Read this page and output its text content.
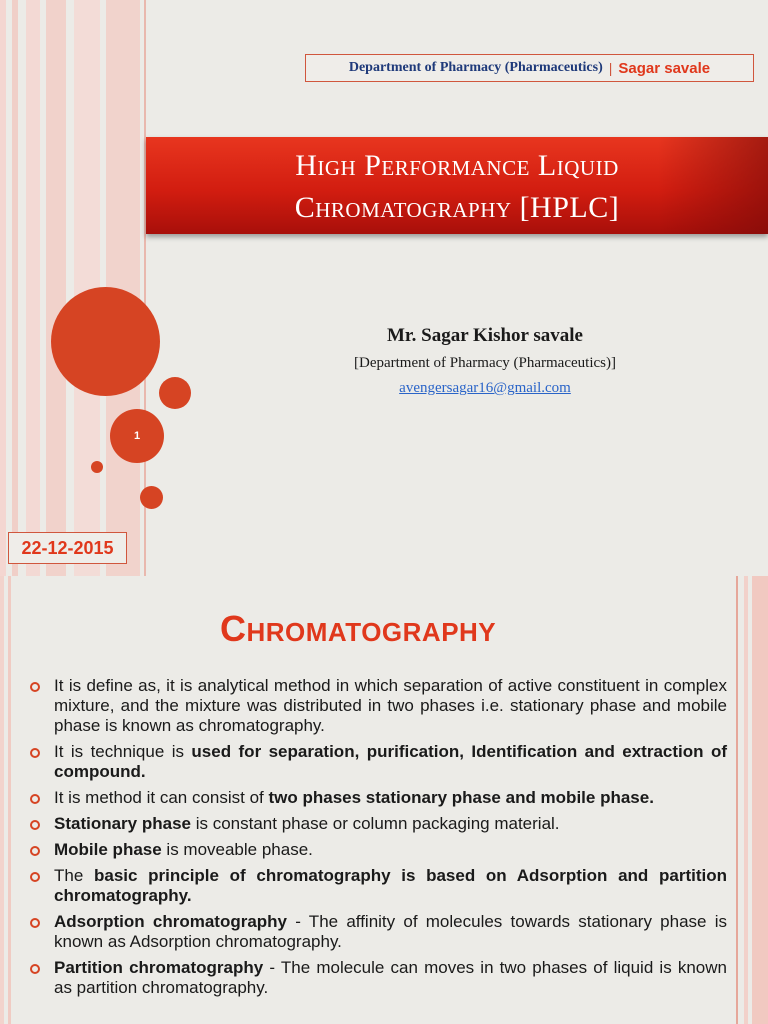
Department of Pharmacy (Pharmaceutics) | Sagar savale
High Performance Liquid
Chromatography [HPLC]
1
Mr. Sagar Kishor savale
[Department of Pharmacy (Pharmaceutics)]
avengersagar16@gmail.com
22-12-2015
CHROMATOGRAPHY
It is define as, it is analytical method in which separation of active constituent in complex mixture, and the mixture was distributed in two phases i.e. stationary phase and mobile phase is known as chromatography.
It is technique is used for separation, purification, Identification and extraction of compound.
It is method it can consist of two phases stationary phase and mobile phase.
Stationary phase is constant phase or column packaging material.
Mobile phase is moveable phase.
The basic principle of chromatography is based on Adsorption and partition chromatography.
Adsorption chromatography - The affinity of molecules towards stationary phase is known as Adsorption chromatography.
Partition chromatography - The molecule can moves in two phases of liquid is known as partition chromatography.
